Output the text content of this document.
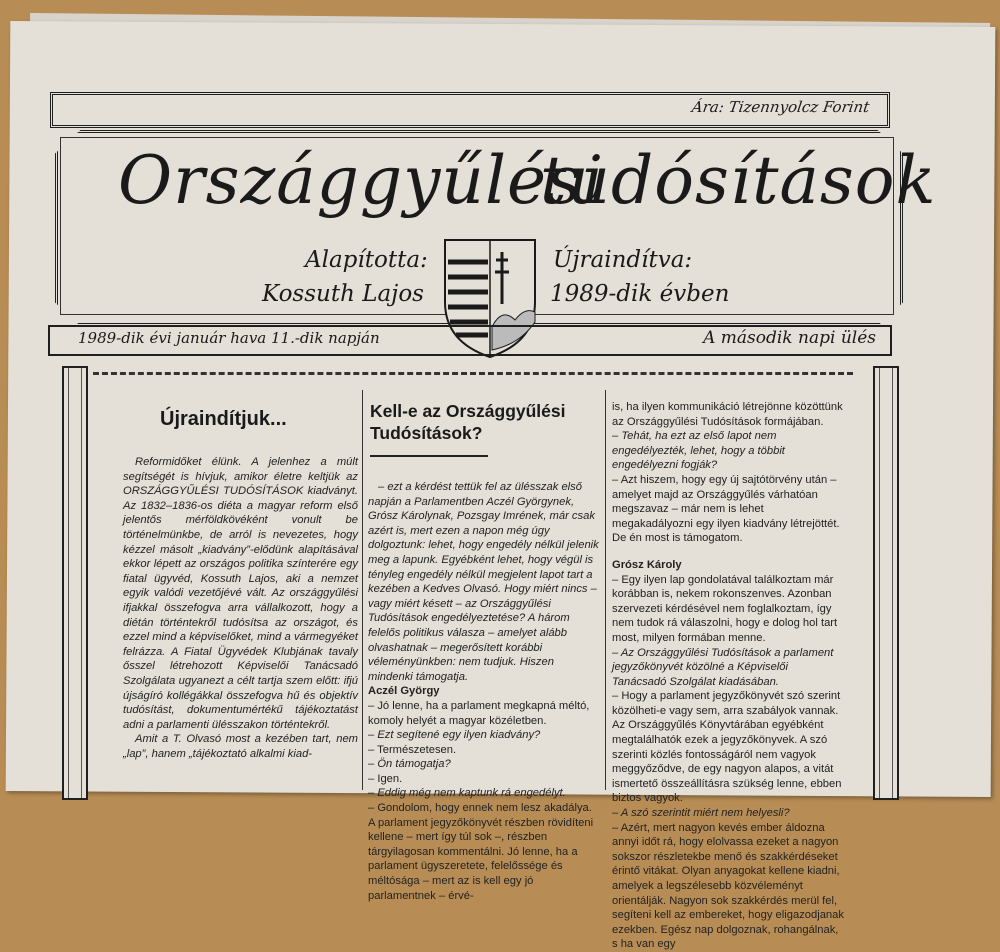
Ára: Tizennyolcz Forint
Országgyűlési
tudósítások
Alapította:
Kossuth Lajos
Újraindítva:
1989-dik évben
1989-dik évi január hava 11.-dik napján	A második napi ülés
Újraindítjuk...

Reformidőket élünk. A jelenhez a múlt segítségét is hívjuk, amikor életre keltjük az ORSZÁGGYŰLÉSI TUDÓSÍTÁSOK kiadványt. Az 1832–1836-os diéta a magyar reform első jelentős mérföldkövéként vonult be történelmünkbe, de arról is nevezetes, hogy kézzel másolt „kiadvány”-elődünk alapításával ekkor lépett az országos politika színterére egy fiatal ügyvéd, Kossuth Lajos, aki a nemzet egyik valódi vezetőjévé vált. Az országgyűlési ifjakkal összefogva arra vállalkozott, hogy a diétán történtekről tudósítsa az országot, és ezzel mind a képviselőket, mind a vármegyéket felrázza. A Fiatal Ügyvédek Klubjának tavaly ősszel létrehozott Képviselői Tanácsadó Szolgálata ugyanezt a célt tartja szem előtt: ifjú újságíró kollégákkal összefogva hű és objektív tudósítást, dokumentumértékű tájékoztatást adni a parlamenti ülésszakon történtekről.

Amit a T. Olvasó most a kezében tart, nem „lap”, hanem „tájékoztató alkalmi kiad-

Kell-e az Országgyűlési Tudósítások?

– ezt a kérdést tettük fel az ülésszak első napján a Parlamentben Aczél Györgynek, Grósz Károlynak, Pozsgay Imrének, már csak azért is, mert ezen a napon még úgy dolgoztunk: lehet, hogy engedély nélkül jelenik meg a lapunk. Egyébként lehet, hogy végül is tényleg engedély nélkül megjelent lapot tart a kezében a Kedves Olvasó. Hogy miért nincs – vagy miért késett – az Országgyűlési Tudósítások engedélyeztetése? A három felelős politikus válasza – amelyet alább olvashatnak – megerősített korábbi véleményünkben: nem tudjuk. Hiszen mindenki támogatja.

Aczél György

– Jó lenne, ha a parlament megkapná méltó, komoly helyét a magyar közéletben.

– Ezt segítené egy ilyen kiadvány?

– Természetesen.

– Ön támogatja?

– Igen.

– Eddig még nem kaptunk rá engedélyt.

– Gondolom, hogy ennek nem lesz akadálya. A parlament jegyzőkönyvét részben rövidíteni kellene – mert így túl sok –, részben tárgyilagosan kommentálni. Jó lenne, ha a parlament ügyszeretete, felelőssége és méltósága – mert az is kell egy jó parlamentnek – érvé-

is, ha ilyen kommunikáció létrejönne közöttünk az Országgyűlési Tudósítások formájában.

– Tehát, ha ezt az első lapot nem engedélyezték, lehet, hogy a többit engedélyezni fogják?

– Azt hiszem, hogy egy új sajtótörvény után – amelyet majd az Országgyűlés várhatóan megszavaz – már nem is lehet megakadályozni egy ilyen kiadvány létrejöttét. De én most is támogatom.

Grósz Károly

– Egy ilyen lap gondolatával találkoztam már korábban is, nekem rokonszenves. Azonban szervezeti kérdésével nem foglalkoztam, így nem tudok rá válaszolni, hogy e dolog hol tart most, milyen formában menne.

– Az Országgyűlési Tudósítások a parlament jegyzőkönyvét közölné a Képviselői Tanácsadó Szolgálat kiadásában.

– Hogy a parlament jegyzőkönyvét szó szerint közölheti-e vagy sem, arra szabályok vannak. Az Országgyűlés Könyvtárában egyébként megtalálhatók ezek a jegyzőkönyvek. A szó szerinti közlés fontosságáról nem vagyok meggyőződve, de egy nagyon alapos, a vitát ismertető összeállításra szükség lenne, ebben biztos vagyok.

– A szó szerintit miért nem helyesli?

– Azért, mert nagyon kevés ember áldozna annyi időt rá, hogy elolvassa ezeket a nagyon sokszor részletekbe menő és szakkérdéseket érintő vitákat. Olyan anyagokat kellene kiadni, amelyek a legszélesebb közvéleményt orientálják. Nagyon sok szakkérdés merül fel, segíteni kell az embereket, hogy eligazodjanak ezekben. Egész nap dolgoznak, rohangálnak, s ha van egy
